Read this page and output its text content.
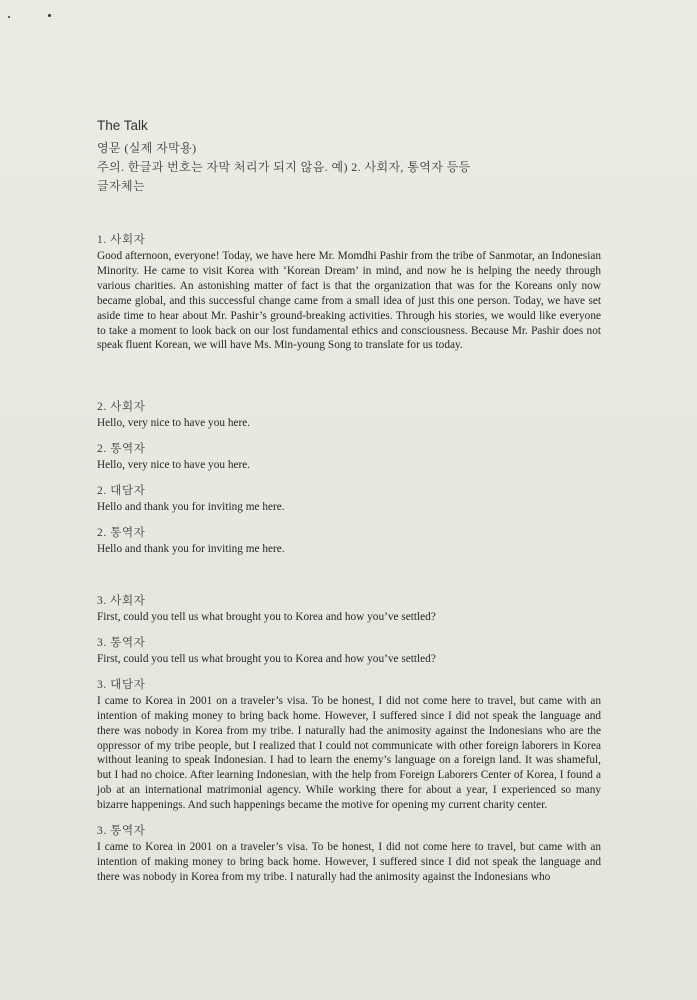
The Talk
영문 (실제 자막용)
주의. 한글과 번호는 자막 처리가 되지 않음. 예) 2. 사회자, 통역자 등등
글자체는
1. 사회자
Good afternoon, everyone! Today, we have here Mr. Momdhi Pashir from the tribe of Sanmotar, an Indonesian Minority. He came to visit Korea with ‘Korean Dream’ in mind, and now he is helping the needy through various charities. An astonishing matter of fact is that the organization that was for the Koreans only now became global, and this successful change came from a small idea of just this one person. Today, we have set aside time to hear about Mr. Pashir’s ground-breaking activities. Through his stories, we would like everyone to take a moment to look back on our lost fundamental ethics and consciousness. Because Mr. Pashir does not speak fluent Korean, we will have Ms. Min-young Song to translate for us today.
2. 사회자
Hello, very nice to have you here.
2. 통역자
Hello, very nice to have you here.
2. 대담자
Hello and thank you for inviting me here.
2. 통역자
Hello and thank you for inviting me here.
3. 사회자
First, could you tell us what brought you to Korea and how you’ve settled?
3. 통역자
First, could you tell us what brought you to Korea and how you’ve settled?
3. 대담자
I came to Korea in 2001 on a traveler’s visa. To be honest, I did not come here to travel, but came with an intention of making money to bring back home. However, I suffered since I did not speak the language and there was nobody in Korea from my tribe. I naturally had the animosity against the Indonesians who are the oppressor of my tribe people, but I realized that I could not communicate with other foreign laborers in Korea without leaning to speak Indonesian. I had to learn the enemy’s language on a foreign land. It was shameful, but I had no choice. After learning Indonesian, with the help from Foreign Laborers Center of Korea, I found a job at an international matrimonial agency. While working there for about a year, I experienced so many bizarre happenings. And such happenings became the motive for opening my current charity center.
3. 통역자
I came to Korea in 2001 on a traveler’s visa. To be honest, I did not come here to travel, but came with an intention of making money to bring back home. However, I suffered since I did not speak the language and there was nobody in Korea from my tribe. I naturally had the animosity against the Indonesians who
